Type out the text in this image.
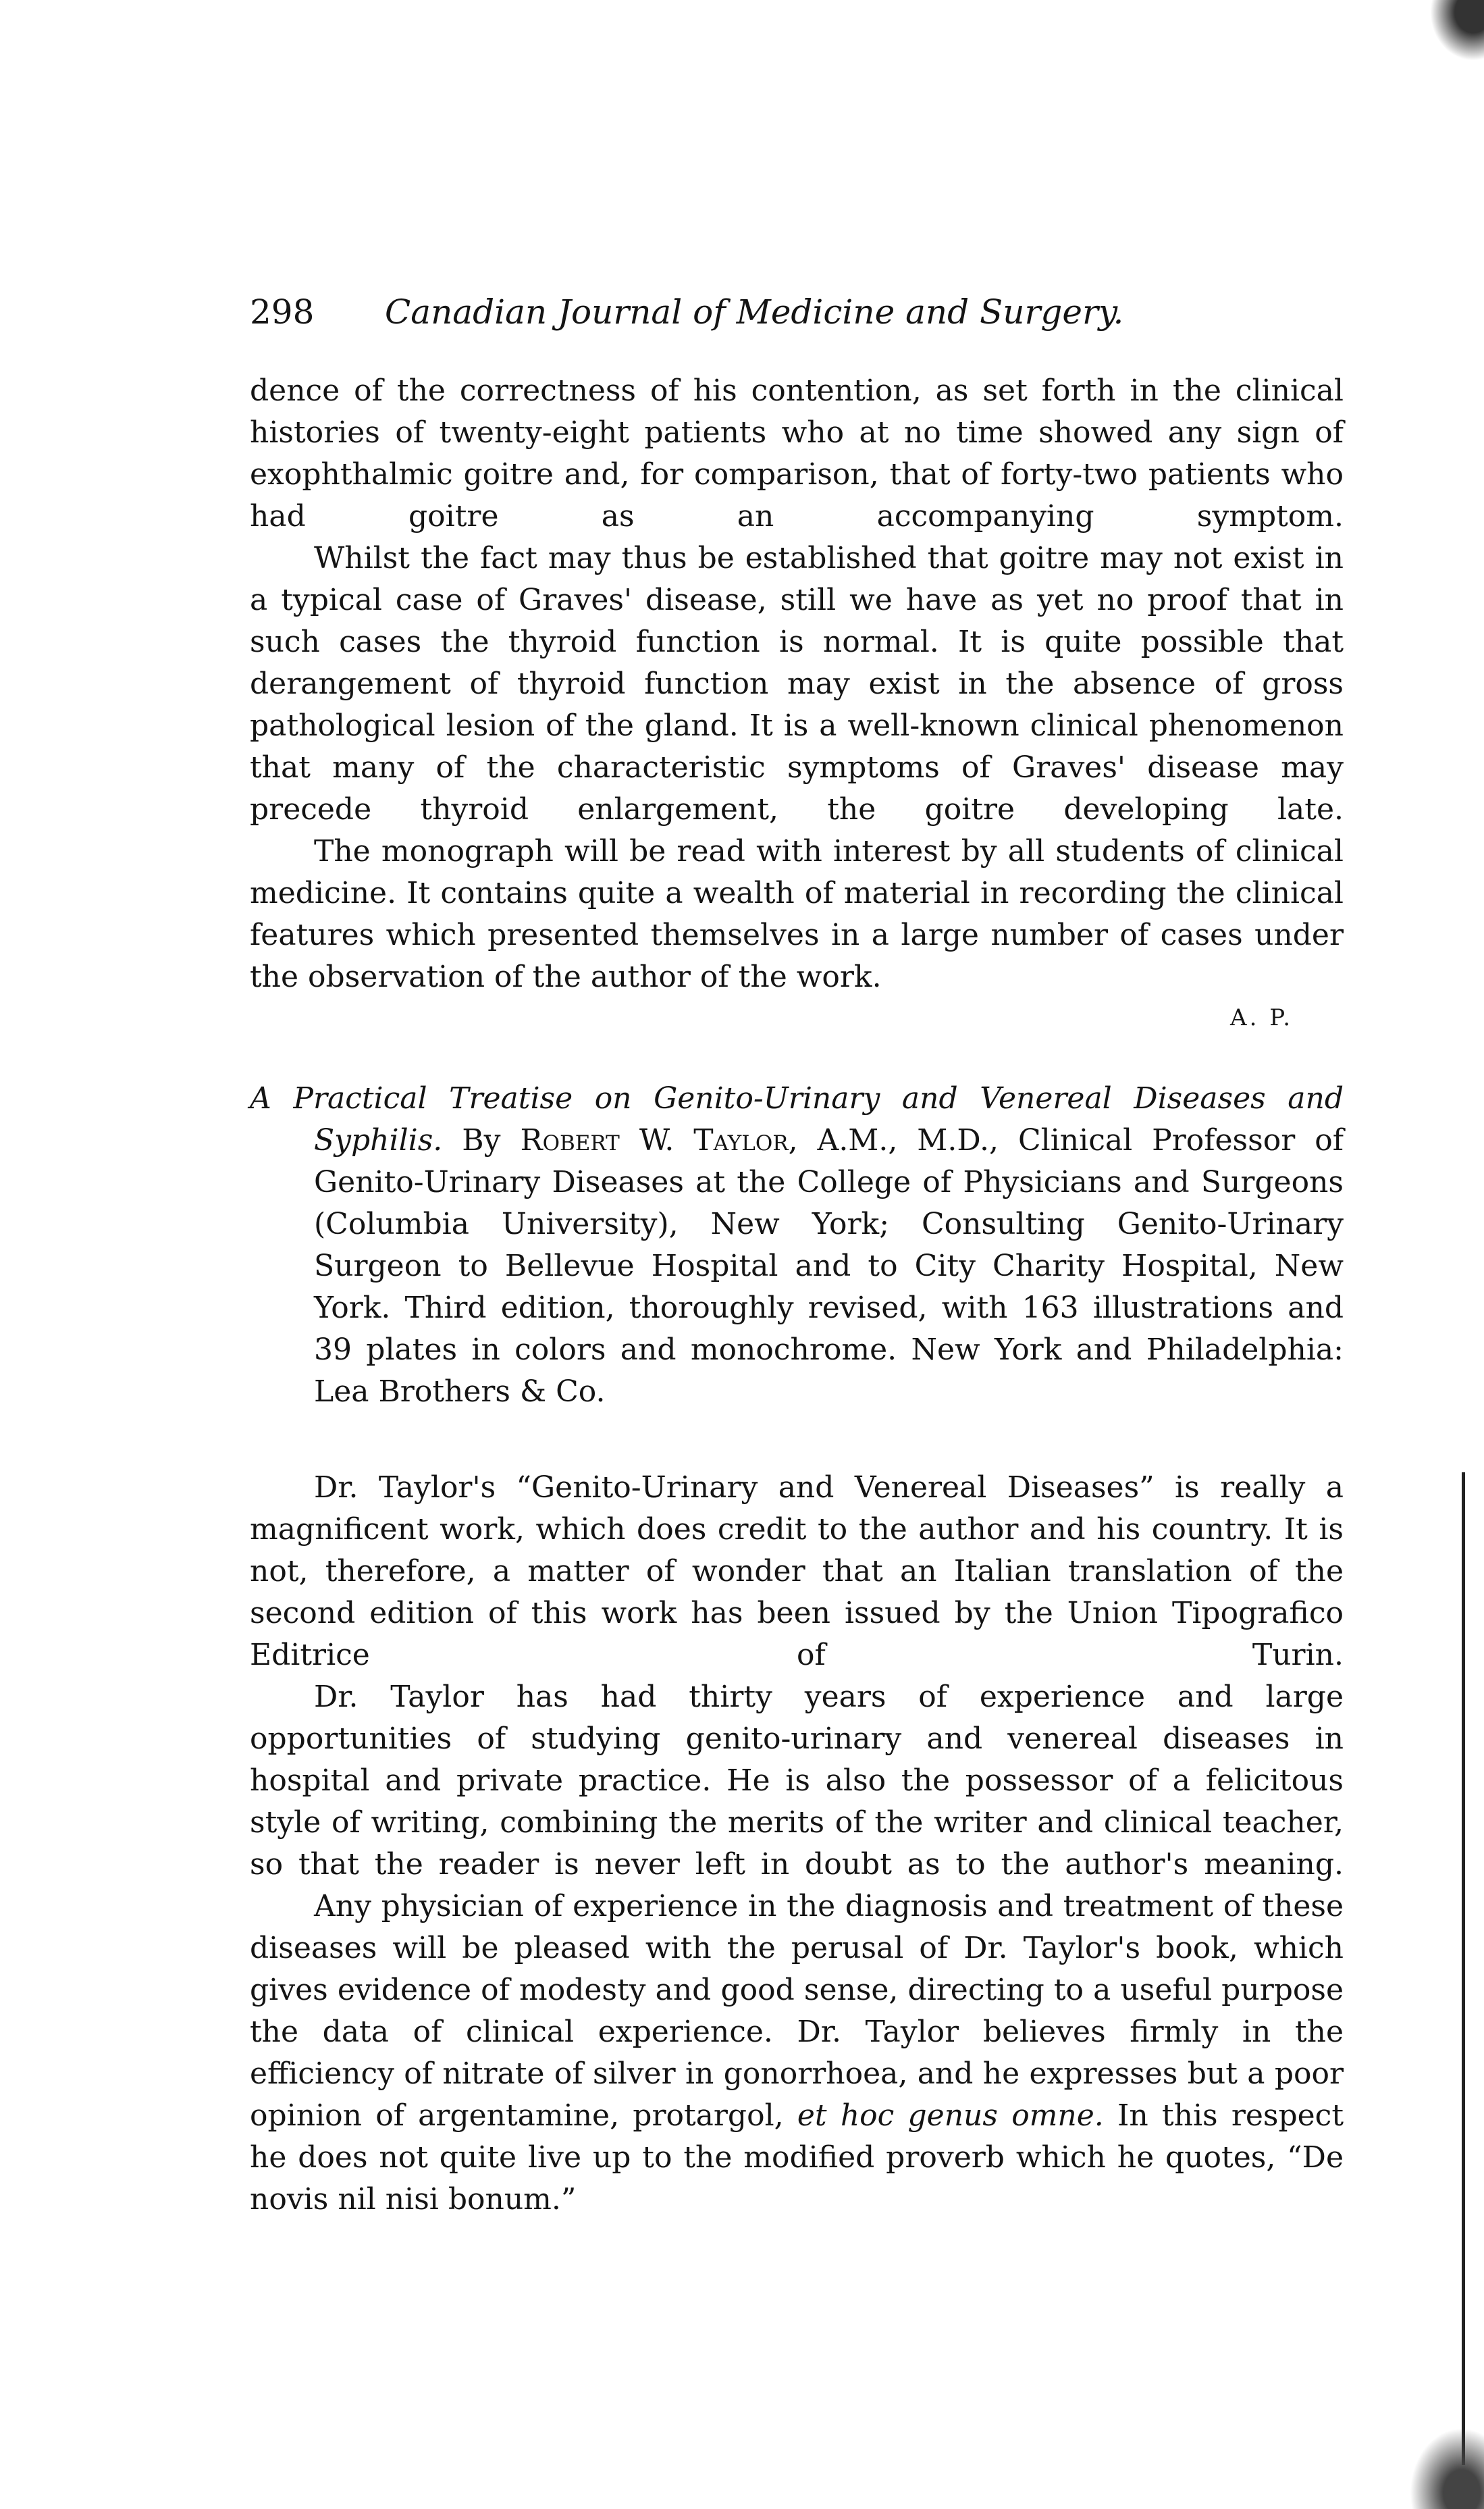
298 Canadian Journal of Medicine and Surgery.

dence of the correctness of his contention, as set forth in the clinical histories of twenty-eight patients who at no time showed any sign of exophthalmic goitre and, for comparison, that of forty-two patients who had goitre as an accompanying symptom.

Whilst the fact may thus be established that goitre may not exist in a typical case of Graves' disease, still we have as yet no proof that in such cases the thyroid function is normal. It is quite possible that derangement of thyroid function may exist in the absence of gross pathological lesion of the gland. It is a well-known clinical phenomenon that many of the characteristic symptoms of Graves' disease may precede thyroid enlargement, the goitre developing late.

The monograph will be read with interest by all students of clinical medicine. It contains quite a wealth of material in recording the clinical features which presented themselves in a large number of cases under the observation of the author of the work.

A. P.

A Practical Treatise on Genito-Urinary and Venereal Diseases and Syphilis. By Robert W. Taylor, A.M., M.D., Clinical Professor of Genito-Urinary Diseases at the College of Physicians and Surgeons (Columbia University), New York; Consulting Genito-Urinary Surgeon to Bellevue Hospital and to City Charity Hospital, New York. Third edition, thoroughly revised, with 163 illustrations and 39 plates in colors and monochrome. New York and Philadelphia: Lea Brothers & Co.

Dr. Taylor's “Genito-Urinary and Venereal Diseases” is really a magnificent work, which does credit to the author and his country. It is not, therefore, a matter of wonder that an Italian translation of the second edition of this work has been issued by the Union Tipografico Editrice of Turin.

Dr. Taylor has had thirty years of experience and large opportunities of studying genito-urinary and venereal diseases in hospital and private practice. He is also the possessor of a felicitous style of writing, combining the merits of the writer and clinical teacher, so that the reader is never left in doubt as to the author's meaning.

Any physician of experience in the diagnosis and treatment of these diseases will be pleased with the perusal of Dr. Taylor's book, which gives evidence of modesty and good sense, directing to a useful purpose the data of clinical experience. Dr. Taylor believes firmly in the efficiency of nitrate of silver in gonorrhoea, and he expresses but a poor opinion of argentamine, protargol, et hoc genus omne. In this respect he does not quite live up to the modified proverb which he quotes, “De novis nil nisi bonum.”
